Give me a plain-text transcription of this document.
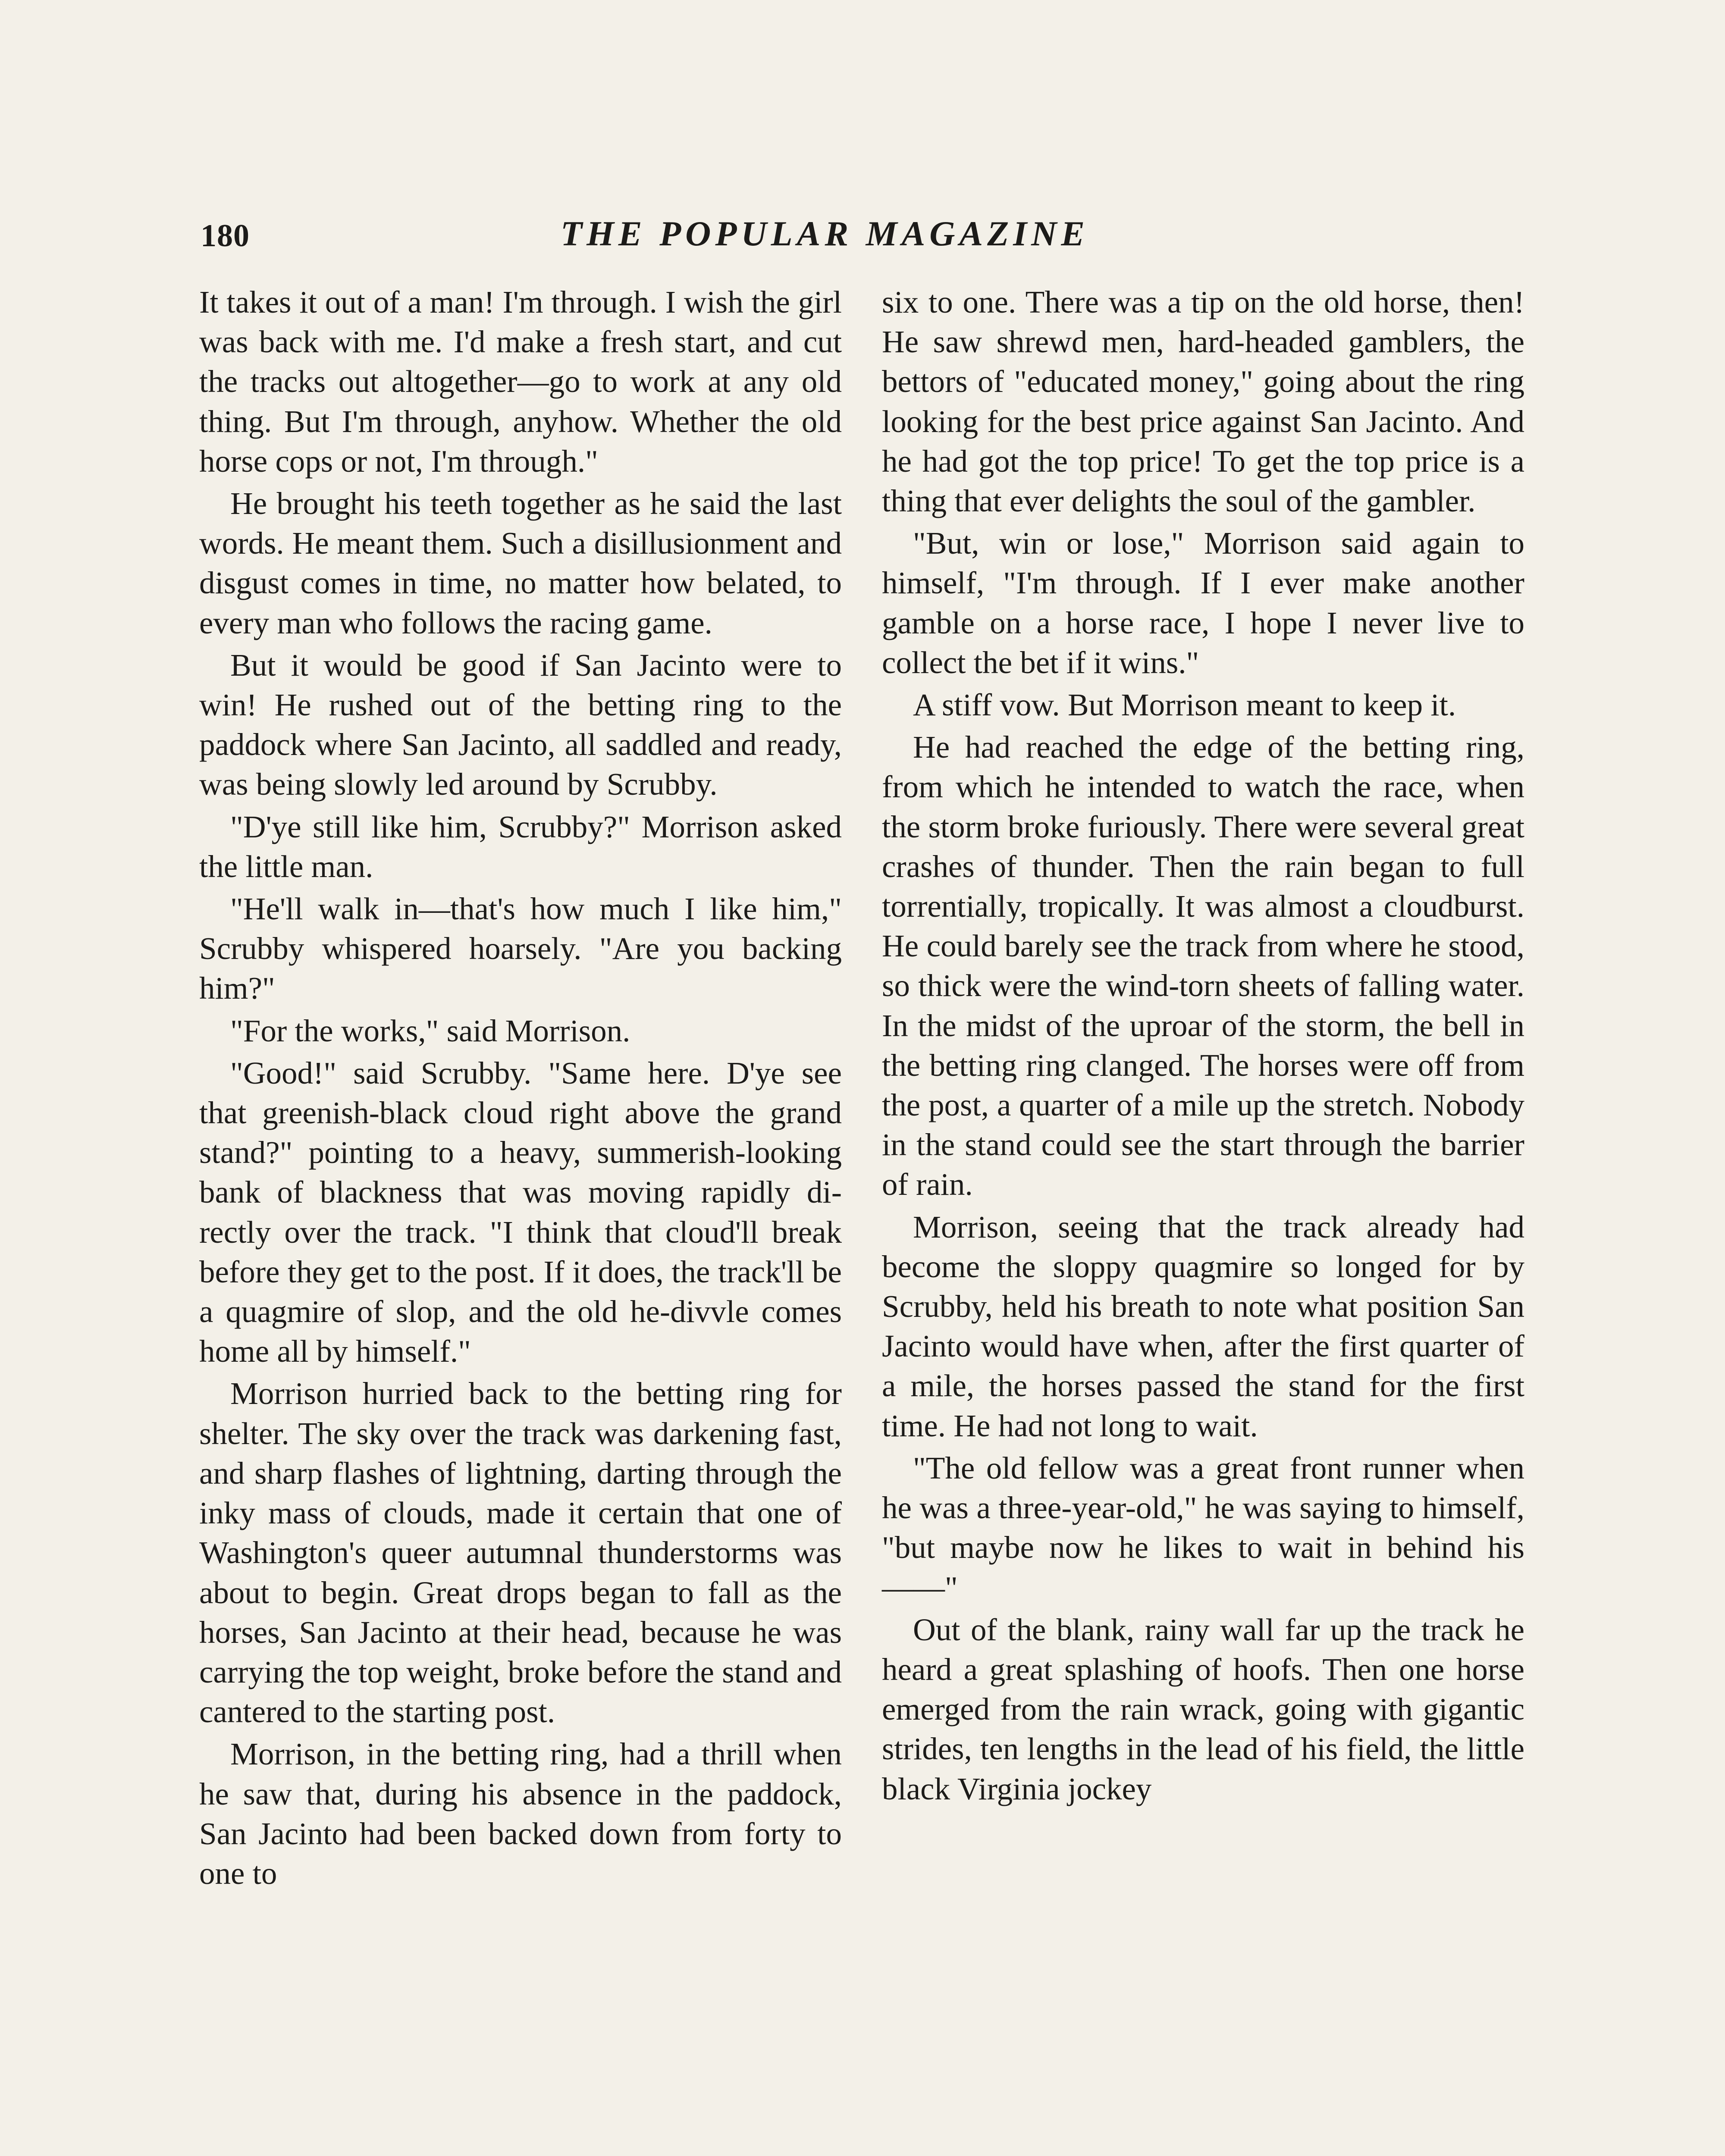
180	THE POPULAR MAGAZINE

It takes it out of a man! I'm through. I wish the girl was back with me. I'd make a fresh start, and cut the tracks out altogether—go to work at any old thing. But I'm through, anyhow. Whether the old horse cops or not, I'm through."

He brought his teeth together as he said the last words. He meant them. Such a disillusionment and disgust comes in time, no matter how belated, to every man who follows the racing game.

But it would be good if San Jacinto were to win! He rushed out of the betting ring to the paddock where San Jacinto, all saddled and ready, was being slowly led around by Scrubby.

"D'ye still like him, Scrubby?" Morrison asked the little man.

"He'll walk in—that's how much I like him," Scrubby whispered hoarsely. "Are you backing him?"

"For the works," said Morrison.

"Good!" said Scrubby. "Same here. D'ye see that greenish-black cloud right above the grand stand?" pointing to a heavy, summerish-looking bank of blackness that was moving rapidly directly over the track. "I think that cloud'll break before they get to the post. If it does, the track'll be a quagmire of slop, and the old he-divvle comes home all by himself."

Morrison hurried back to the betting ring for shelter. The sky over the track was darkening fast, and sharp flashes of lightning, darting through the inky mass of clouds, made it certain that one of Washington's queer autumnal thunderstorms was about to begin. Great drops began to fall as the horses, San Jacinto at their head, because he was carrying the top weight, broke before the stand and cantered to the starting post.

Morrison, in the betting ring, had a thrill when he saw that, during his absence in the paddock, San Jacinto had been backed down from forty to one to

six to one. There was a tip on the old horse, then! He saw shrewd men, hard-headed gamblers, the bettors of "educated money," going about the ring looking for the best price against San Jacinto. And he had got the top price! To get the top price is a thing that ever delights the soul of the gambler.

"But, win or lose," Morrison said again to himself, "I'm through. If I ever make another gamble on a horse race, I hope I never live to collect the bet if it wins."

A stiff vow. But Morrison meant to keep it.

He had reached the edge of the betting ring, from which he intended to watch the race, when the storm broke furiously. There were several great crashes of thunder. Then the rain began to full torrentially, tropically. It was almost a cloudburst. He could barely see the track from where he stood, so thick were the wind-torn sheets of falling water. In the midst of the uproar of the storm, the bell in the betting ring clanged. The horses were off from the post, a quarter of a mile up the stretch. Nobody in the stand could see the start through the barrier of rain.

Morrison, seeing that the track already had become the sloppy quagmire so longed for by Scrubby, held his breath to note what position San Jacinto would have when, after the first quarter of a mile, the horses passed the stand for the first time. He had not long to wait.

"The old fellow was a great front runner when he was a three-year-old," he was saying to himself, "but maybe now he likes to wait in behind his——"

Out of the blank, rainy wall far up the track he heard a great splashing of hoofs. Then one horse emerged from the rain wrack, going with gigantic strides, ten lengths in the lead of his field, the little black Virginia jockey
